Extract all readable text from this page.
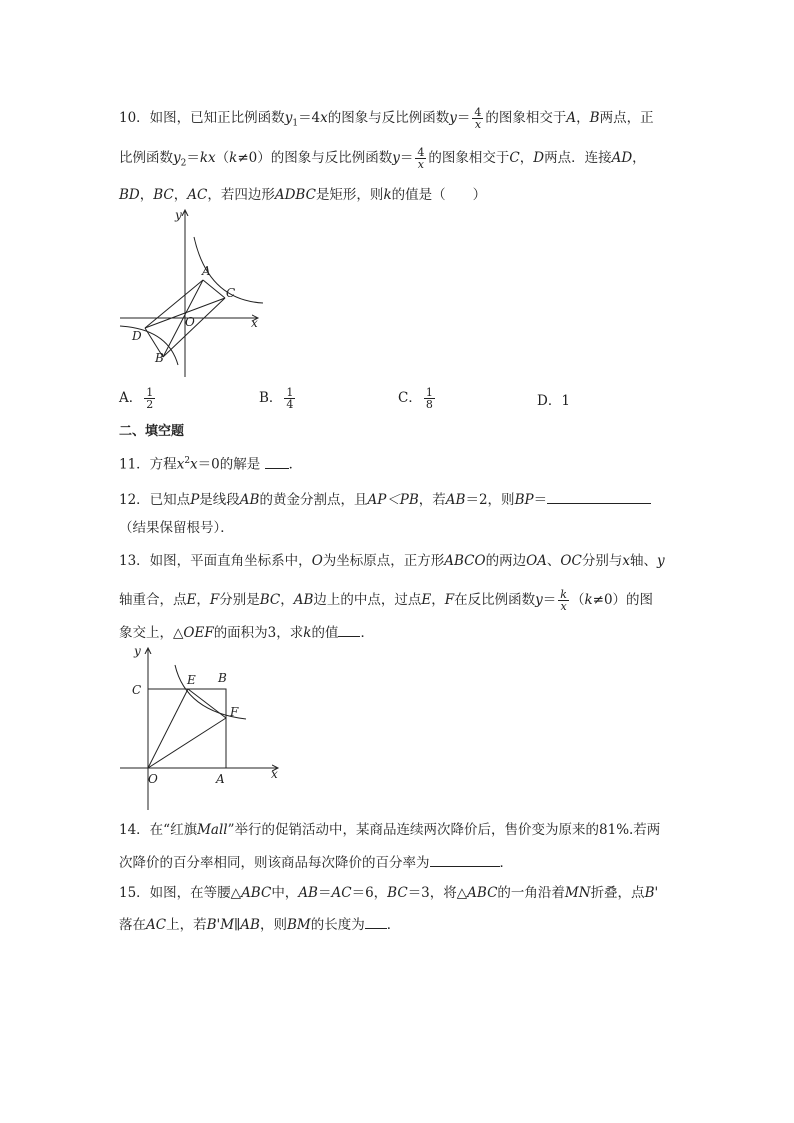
10．如图，已知正比例函数$y_1=4x$的图象与反比例函数$y= \frac{4}{x}$ 的图象相交于A，B两点，正
比例函数$y_2=kx(k\ne 0)$的图象与反比例函数$y= \frac{4}{x}$ 的图象相交于C，D两点．连接AD，
BD，BC，AC，若四边形ADBC是矩形，则k的值是（　　）
y
x
A
C
O
D
B
A． $\frac{1}{2}$	B． $\frac{1}{4}$	C． $\frac{1}{8}$	D．1
二、填空题
11．方程$x^2x=0$的解是 ．
12．已知点P是线段AB的黄金分割点，且AP＜PB，若AB＝2，则BP＝
（结果保留根号）．
13．如图，平面直角坐标系中，O为坐标原点，正方形ABCO的两边OA、OC分别与x轴、y
轴重合，点E，F分别是BC，AB边上的中点，过点E，F在反比例函数$y= \frac{k}{x} (k\ne 0)$的图
象交上，△OEF的面积为3，求k的值 ．
y
x
C
E B
F
O	A
14．在“红旗Mall”举行的促销活动中，某商品连续两次降价后，售价变为原来的81%.若两
次降价的百分率相同，则该商品每次降价的百分率为	．
15．如图，在等腰△ABC中，AB＝AC＝6，BC＝3，将△ABC的一角沿着MN折叠，点B'
落在AC上，若B'M∥AB，则BM的长度为 ．
